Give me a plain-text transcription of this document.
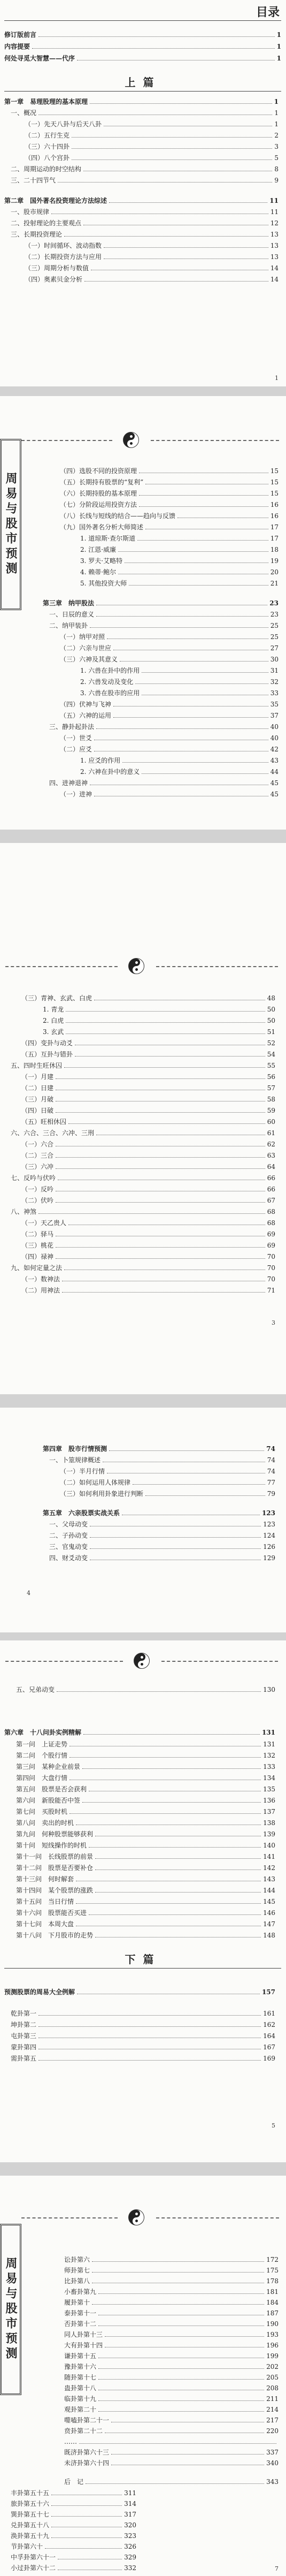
目录
修订版前言	1
内容提要	1
何处寻觅大智慧——代序	1
上篇
第一章　易理股理的基本原理	1
一、概况	1
（一）先天八卦与后天八卦	1
（二）五行生克	2
（三）六十四卦	3
（四）八个宫卦	5
二、周期运动的时空结构	8
三、二十四节气	9
第二章　国外著名投资理论方法综述	11
一、股市规律	11
二、投射理论的主要观点	12
三、长期投资理论	13
（一）时间循环、波动指数	13
（二）长期投资方法与应用	13
（三）周期分析与数值	14
（四）奥素贝金分析	14
1
周易与股市预测
（四）选股不同的投资原理	15
（五）长期持有股票的“复利”	15
（六）长期持股的基本原理	15
（七）分阶段运用投资方法	16
（八）长线与短线的结合——趋向与反馈	16
（九）国外著名分析大师简述	17
1. 道琼斯·查尔斯道	17
2. 江恩·威廉	18
3. 罗夫·艾略特	19
4. 赖蒂·鲍尔	20
5. 其他投资大师	21
第三章　纳甲股法	23
一、日辰的意义	23
二、纳甲装卦	25
（一）纳甲对照	25
（二）六亲与世应	27
（三）六神及其意义	30
1. 六兽在卦中的作用	31
2. 六兽发动及变化	32
3. 六兽在股市的应用	33
（四）伏神与飞神	35
（五）六神的运用	37
三、静卦起卦法	40
（一）世爻	40
（二）应爻	42
1. 应爻的作用	43
2. 六神在卦中的意义	44
四、进神退神	45
（一）进神	45
3
（三）青神、玄武、白虎	48
1. 青龙	50
2. 白虎	50
3. 玄武	51
（四）变卦与动爻	52
（五）互卦与错卦	54
五、四时生旺休囚	55
（一）月建	56
（二）日建	57
（三）月破	58
（四）日破	59
（五）旺相休囚	60
六、六合、三合、六冲、三刑	61
（一）六合	62
（二）三合	63
（三）六冲	64
七、反吟与伏吟	66
（一）反吟	66
（二）伏吟	67
八、神煞	68
（一）天乙贵人	68
（二）驿马	69
（三）桃花	69
（四）禄神	70
九、如何定量之法	70
（一）数神法	70
（二）用神法	71
4
第四章　股市行情预测	74
一、卜筮规律概述	74
（一）半月行情	74
（二）如何运用人体规律	77
（三）如何利用卦象进行判断	79
第五章　六亲股票实战关系	123
一、父母动变	123
二、子孙动变	124
三、官鬼动变	126
四、财爻动变	129
下篇
5
五、兄弟动变	130
第六章　十八问卦实例精解	131
第一问　上证走势	131
第二问　个股行情	132
第三问　某种企业前景	133
第四问　大盘行情	134
第五问　股票是否会获利	135
第六问　新股能否中签	136
第七问　买股时机	137
第八问　卖出的时机	138
第九问　何种股票能够获利	139
第十问　短线操作的时机	140
第十一问　长线股票的前景	141
第十二问　股票是否要补仓	142
第十三问　何时解套	143
第十四问　某个股票的涨跌	144
第十五问　当日行情	145
第十六问　股票能否买进	146
第十七问　本周大盘	147
第十八问　下月股市的走势	148
预测股票的周易大全例解	157
乾卦第一	161
坤卦第二	162
屯卦第三	164
蒙卦第四	167
需卦第五	169
周易与股市预测
7
讼卦第六	172
师卦第七	175
比卦第八	178
小畜卦第九	181
履卦第十	184
泰卦第十一	187
否卦第十二	190
同人卦第十三	193
大有卦第十四	196
谦卦第十五	199
豫卦第十六	202
随卦第十七	205
蛊卦第十八	208
临卦第十九	211
观卦第二十	214
噬嗑卦第二十一	217
贲卦第二十二	220
……
既济卦第六十三	337
未济卦第六十四	340
后　记	343
丰卦第五十五	311
旅卦第五十六	314
巽卦第五十七	317
兑卦第五十八	320
涣卦第五十九	323
节卦第六十	326
中孚卦第六十一	329
小过卦第六十二	332
